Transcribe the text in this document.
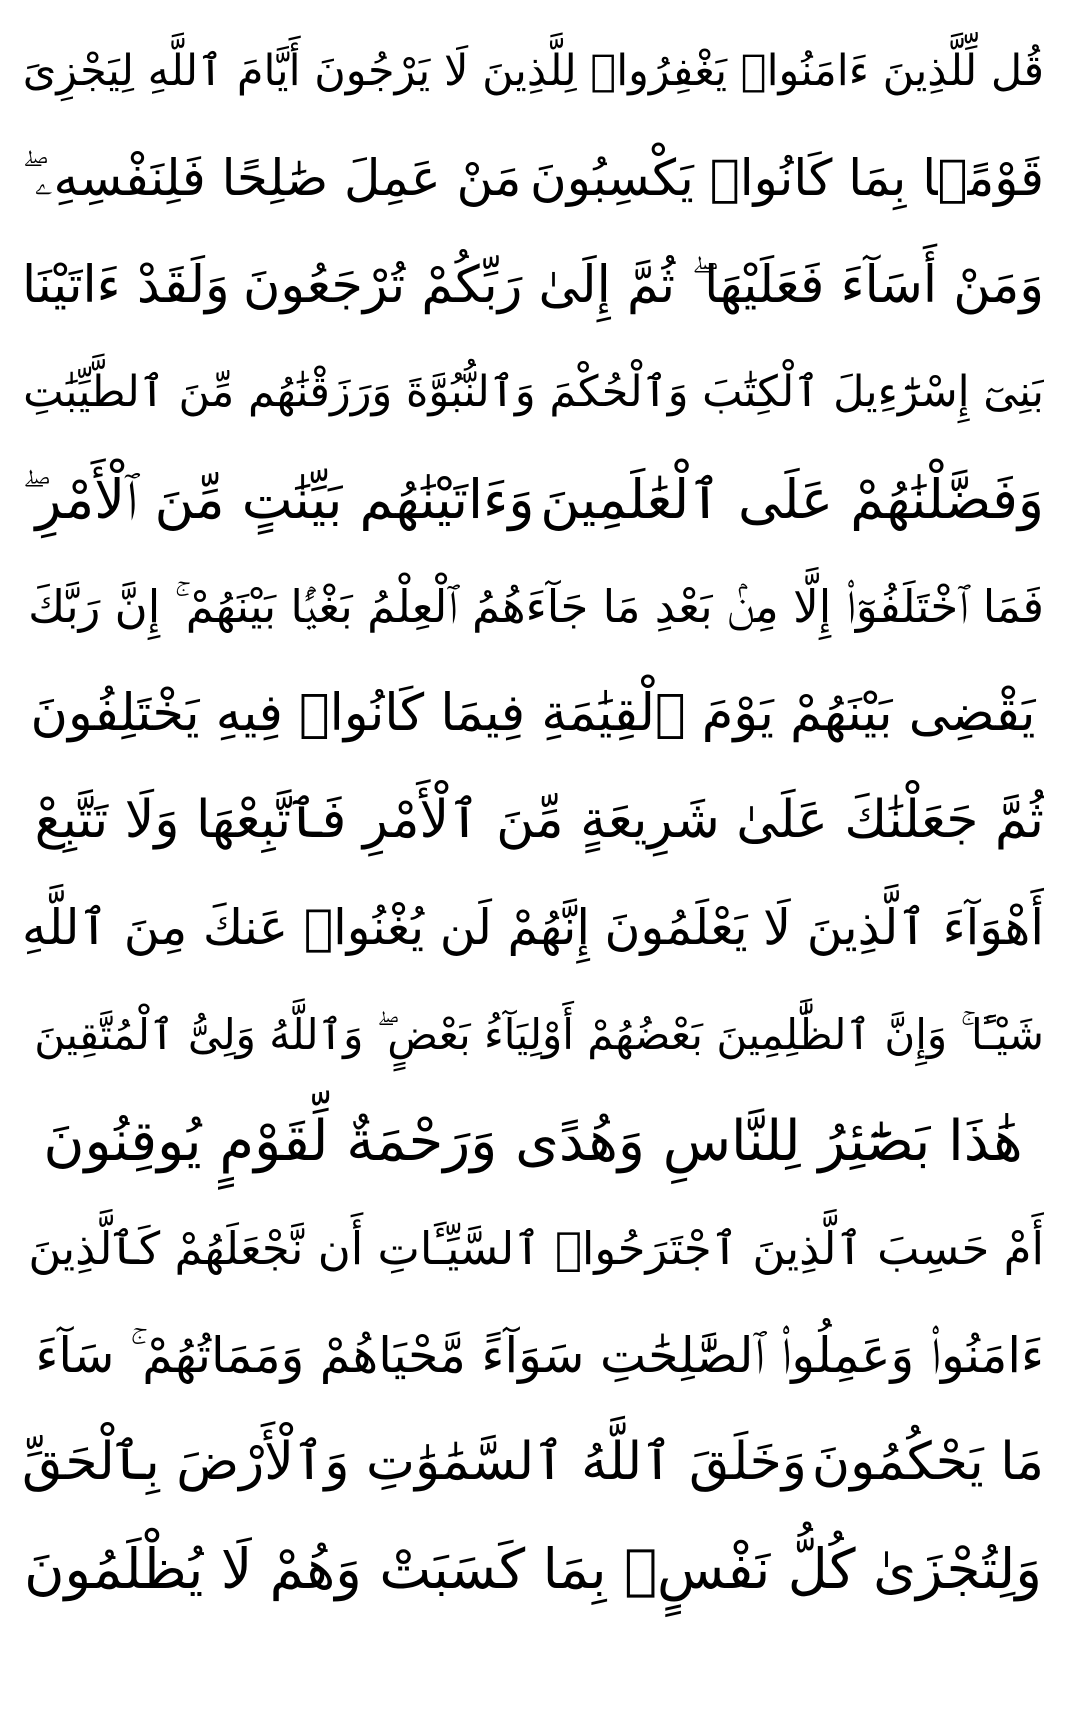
قُل لِّلَّذِينَ ءَامَنُوا۟ يَغْفِرُوا۟ لِلَّذِينَ لَا يَرْجُونَ أَيَّامَ ٱللَّهِ لِيَجْزِىَ
قَوْمًۢا بِمَا كَانُوا۟ يَكْسِبُونَ
مَنْ عَمِلَ صَٰلِحًا فَلِنَفْسِهِۦ ۖ
وَمَنْ أَسَآءَ فَعَلَيْهَا ۖ ثُمَّ إِلَىٰ رَبِّكُمْ تُرْجَعُونَ
وَلَقَدْ ءَاتَيْنَا
بَنِىٓ إِسْرَٰٓءِيلَ ٱلْكِتَٰبَ وَٱلْحُكْمَ وَٱلنُّبُوَّةَ وَرَزَقْنَٰهُم مِّنَ ٱلطَّيِّبَٰتِ
وَفَضَّلْنَٰهُمْ عَلَى ٱلْعَٰلَمِينَ
وَءَاتَيْنَٰهُم بَيِّنَٰتٍ مِّنَ ٱلْأَمْرِ ۖ
فَمَا ٱخْتَلَفُوٓا۟ إِلَّا مِنۢ بَعْدِ مَا جَآءَهُمُ ٱلْعِلْمُ بَغْيًۢا بَيْنَهُمْ ۚ إِنَّ رَبَّكَ
يَقْضِى بَيْنَهُمْ يَوْمَ ٱلْقِيَٰمَةِ فِيمَا كَانُوا۟ فِيهِ يَخْتَلِفُونَ
ثُمَّ جَعَلْنَٰكَ عَلَىٰ شَرِيعَةٍ مِّنَ ٱلْأَمْرِ فَٱتَّبِعْهَا وَلَا تَتَّبِعْ
أَهْوَآءَ ٱلَّذِينَ لَا يَعْلَمُونَ
إِنَّهُمْ لَن يُغْنُوا۟ عَنكَ مِنَ ٱللَّهِ
شَيْـًٔا ۚ وَإِنَّ ٱلظَّٰلِمِينَ بَعْضُهُمْ أَوْلِيَآءُ بَعْضٍ ۖ وَٱللَّهُ وَلِىُّ ٱلْمُتَّقِينَ
هَٰذَا بَصَٰٓئِرُ لِلنَّاسِ وَهُدًى وَرَحْمَةٌ لِّقَوْمٍ يُوقِنُونَ
أَمْ حَسِبَ ٱلَّذِينَ ٱجْتَرَحُوا۟ ٱلسَّيِّـَٔاتِ أَن نَّجْعَلَهُمْ كَٱلَّذِينَ
ءَامَنُوا۟ وَعَمِلُوا۟ ٱلصَّٰلِحَٰتِ سَوَآءً مَّحْيَاهُمْ وَمَمَاتُهُمْ ۚ سَآءَ
مَا يَحْكُمُونَ
وَخَلَقَ ٱللَّهُ ٱلسَّمَٰوَٰتِ وَٱلْأَرْضَ بِٱلْحَقِّ
وَلِتُجْزَىٰ كُلُّ نَفْسٍۭ بِمَا كَسَبَتْ وَهُمْ لَا يُظْلَمُونَ
